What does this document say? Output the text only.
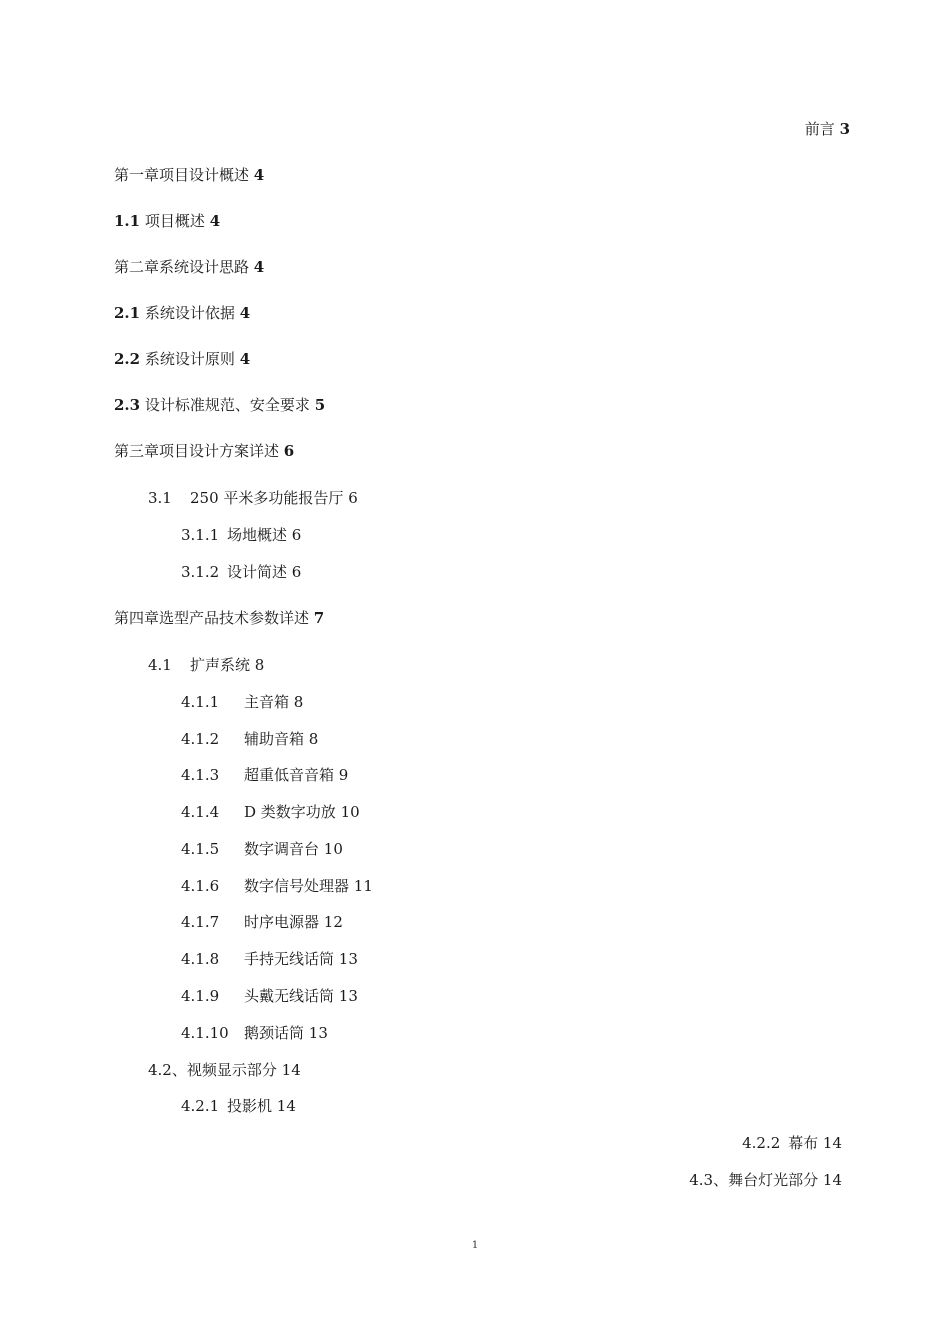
前言 3
第一章项目设计概述 4
1.1 项目概述 4
第二章系统设计思路 4
2.1 系统设计依据 4
2.2 系统设计原则 4
2.3 设计标准规范、安全要求 5
第三章项目设计方案详述 6
3.1 250 平米多功能报告厅 6
3.1.1 场地概述 6
3.1.2 设计简述 6
第四章选型产品技术参数详述 7
4.1 扩声系统 8
4.1.1 主音箱 8
4.1.2 辅助音箱 8
4.1.3 超重低音音箱 9
4.1.4 D 类数字功放 10
4.1.5 数字调音台 10
4.1.6 数字信号处理器 11
4.1.7 时序电源器 12
4.1.8 手持无线话筒 13
4.1.9 头戴无线话筒 13
4.1.10 鹅颈话筒 13
4.2、视频显示部分 14
4.2.1 投影机 14
4.2.2 幕布 14
4.3、舞台灯光部分 14
1
